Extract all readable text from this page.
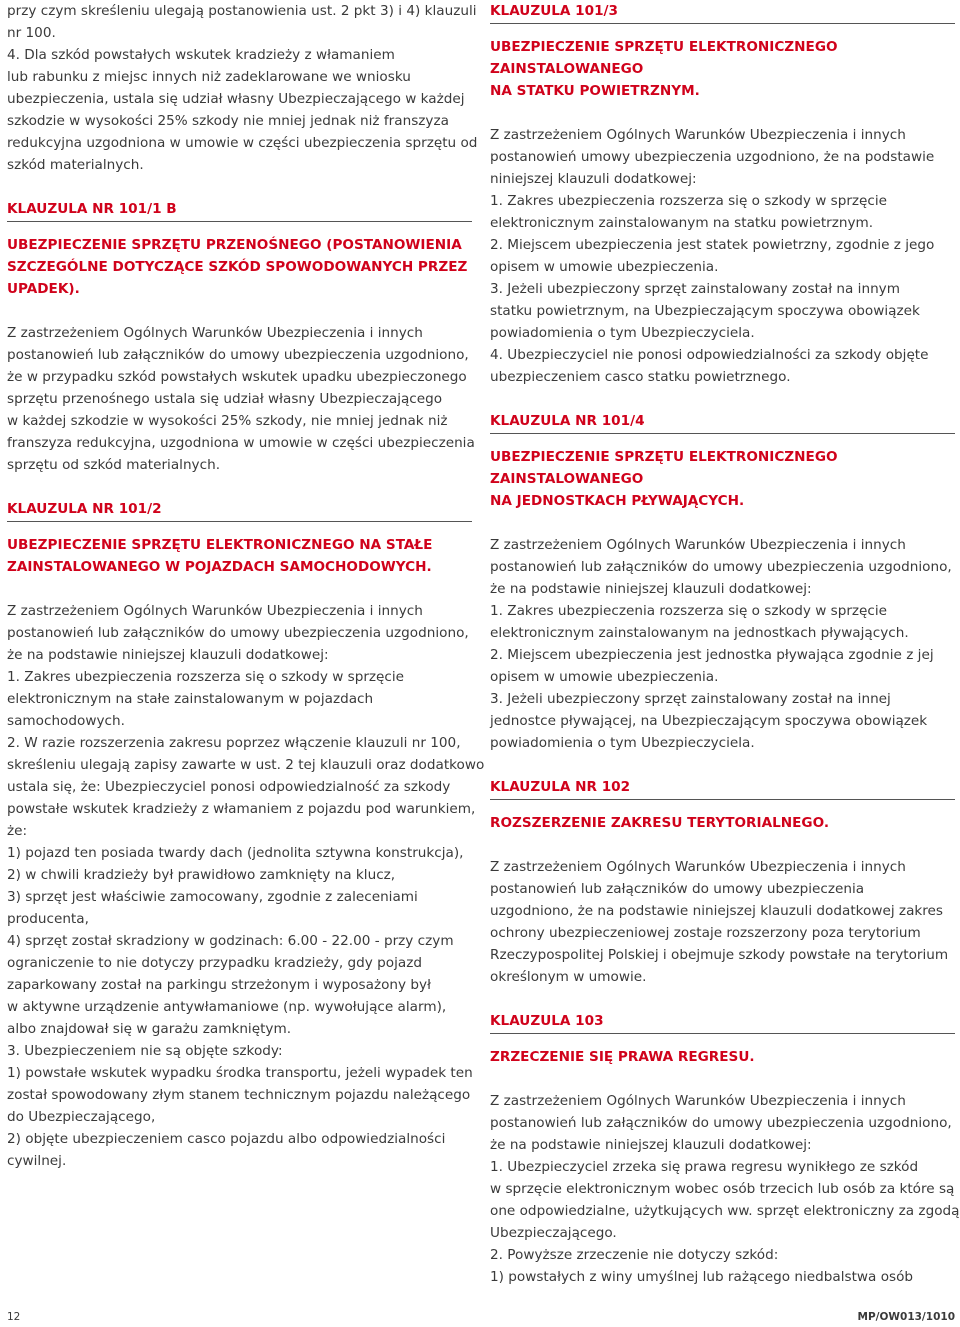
przy czym skreśleniu ulegają postanowienia ust. 2 pkt 3) i 4) klauzuli
nr 100.
4. Dla szkód powstałych wskutek kradzieży z włamaniem
lub rabunku z miejsc innych niż zadeklarowane we wniosku
ubezpieczenia, ustala się udział własny Ubezpieczającego w każdej
szkodzie w wysokości 25% szkody nie mniej jednak niż franszyza
redukcyjna uzgodniona w umowie w części ubezpieczenia sprzętu od
szkód materialnych.
KLAUZULA NR 101/1 B
UBEZPIECZENIE SPRZĘTU PRZENOŚNEGO (POSTANOWIENIA
SZCZEGÓLNE DOTYCZĄCE SZKÓD SPOWODOWANYCH PRZEZ
UPADEK).
Z zastrzeżeniem Ogólnych Warunków Ubezpieczenia i innych
postanowień lub załączników do umowy ubezpieczenia uzgodniono,
że w przypadku szkód powstałych wskutek upadku ubezpieczonego
sprzętu przenośnego ustala się udział własny Ubezpieczającego
w każdej szkodzie w wysokości 25% szkody, nie mniej jednak niż
franszyza redukcyjna, uzgodniona w umowie w części ubezpieczenia
sprzętu od szkód materialnych.
KLAUZULA NR 101/2
UBEZPIECZENIE SPRZĘTU ELEKTRONICZNEGO NA STAŁE
ZAINSTALOWANEGO W POJAZDACH SAMOCHODOWYCH.
Z zastrzeżeniem Ogólnych Warunków Ubezpieczenia i innych
postanowień lub załączników do umowy ubezpieczenia uzgodniono,
że na podstawie niniejszej klauzuli dodatkowej:
1. Zakres ubezpieczenia rozszerza się o szkody w sprzęcie
elektronicznym na stałe zainstalowanym w pojazdach
samochodowych.
2. W razie rozszerzenia zakresu poprzez włączenie klauzuli nr 100,
skreśleniu ulegają zapisy zawarte w ust. 2 tej klauzuli oraz dodatkowo
ustala się, że: Ubezpieczyciel ponosi odpowiedzialność za szkody
powstałe wskutek kradzieży z włamaniem z pojazdu pod warunkiem,
że:
1) pojazd ten posiada twardy dach (jednolita sztywna konstrukcja),
2) w chwili kradzieży był prawidłowo zamknięty na klucz,
3) sprzęt jest właściwie zamocowany, zgodnie z zaleceniami
producenta,
4) sprzęt został skradziony w godzinach: 6.00 - 22.00 - przy czym
ograniczenie to nie dotyczy przypadku kradzieży, gdy pojazd
zaparkowany został na parkingu strzeżonym i wyposażony był
w aktywne urządzenie antywłamaniowe (np. wywołujące alarm),
albo znajdował się w garażu zamkniętym.
3. Ubezpieczeniem nie są objęte szkody:
1) powstałe wskutek wypadku środka transportu, jeżeli wypadek ten
został spowodowany złym stanem technicznym pojazdu należącego
do Ubezpieczającego,
2) objęte ubezpieczeniem casco pojazdu albo odpowiedzialności
cywilnej.
KLAUZULA 101/3
UBEZPIECZENIE SPRZĘTU ELEKTRONICZNEGO ZAINSTALOWANEGO
NA STATKU POWIETRZNYM.
Z zastrzeżeniem Ogólnych Warunków Ubezpieczenia i innych
postanowień umowy ubezpieczenia uzgodniono, że na podstawie
niniejszej klauzuli dodatkowej:
1. Zakres ubezpieczenia rozszerza się o szkody w sprzęcie
elektronicznym zainstalowanym na statku powietrznym.
2. Miejscem ubezpieczenia jest statek powietrzny, zgodnie z jego
opisem w umowie ubezpieczenia.
3. Jeżeli ubezpieczony sprzęt zainstalowany został na innym
statku powietrznym, na Ubezpieczającym spoczywa obowiązek
powiadomienia o tym Ubezpieczyciela.
4. Ubezpieczyciel nie ponosi odpowiedzialności za szkody objęte
ubezpieczeniem casco statku powietrznego.
KLAUZULA NR 101/4
UBEZPIECZENIE SPRZĘTU ELEKTRONICZNEGO ZAINSTALOWANEGO
NA JEDNOSTKACH PŁYWAJĄCYCH.
Z zastrzeżeniem Ogólnych Warunków Ubezpieczenia i innych
postanowień lub załączników do umowy ubezpieczenia uzgodniono,
że na podstawie niniejszej klauzuli dodatkowej:
1. Zakres ubezpieczenia rozszerza się o szkody w sprzęcie
elektronicznym zainstalowanym na jednostkach pływających.
2. Miejscem ubezpieczenia jest jednostka pływająca zgodnie z jej
opisem w umowie ubezpieczenia.
3. Jeżeli ubezpieczony sprzęt zainstalowany został na innej
jednostce pływającej, na Ubezpieczającym spoczywa obowiązek
powiadomienia o tym Ubezpieczyciela.
KLAUZULA NR 102
ROZSZERZENIE ZAKRESU TERYTORIALNEGO.
Z zastrzeżeniem Ogólnych Warunków Ubezpieczenia i innych
postanowień lub załączników do umowy ubezpieczenia
uzgodniono, że na podstawie niniejszej klauzuli dodatkowej zakres
ochrony ubezpieczeniowej zostaje rozszerzony poza terytorium
Rzeczypospolitej Polskiej i obejmuje szkody powstałe na terytorium
określonym w umowie.
KLAUZULA 103
ZRZECZENIE SIĘ PRAWA REGRESU.
Z zastrzeżeniem Ogólnych Warunków Ubezpieczenia i innych
postanowień lub załączników do umowy ubezpieczenia uzgodniono,
że na podstawie niniejszej klauzuli dodatkowej:
1. Ubezpieczyciel zrzeka się prawa regresu wynikłego ze szkód
w sprzęcie elektronicznym wobec osób trzecich lub osób za które są
one odpowiedzialne, użytkujących ww. sprzęt elektroniczny za zgodą
Ubezpieczającego.
2. Powyższe zrzeczenie nie dotyczy szkód:
1) powstałych z winy umyślnej lub rażącego niedbalstwa osób
12	MP/OW013/1010
